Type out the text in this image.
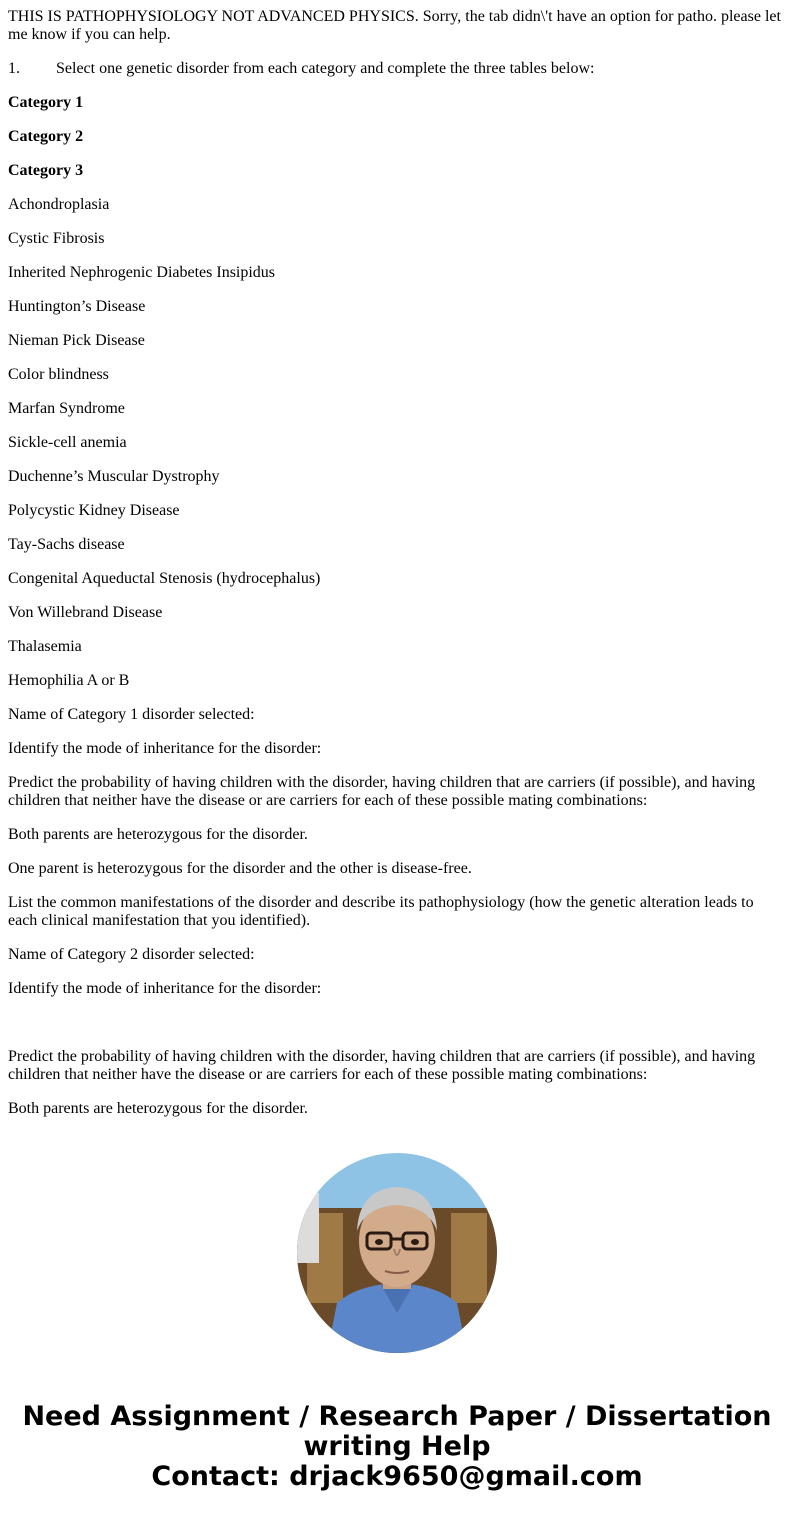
THIS IS PATHOPHYSIOLOGY NOT ADVANCED PHYSICS. Sorry, the tab didn\'t have an option for patho. please let me know if you can help.

1.	Select one genetic disorder from each category and complete the three tables below:

Category 1

Category 2

Category 3

Achondroplasia

Cystic Fibrosis

Inherited Nephrogenic Diabetes Insipidus

Huntington’s Disease

Nieman Pick Disease

Color blindness

Marfan Syndrome

Sickle-cell anemia

Duchenne’s Muscular Dystrophy

Polycystic Kidney Disease

Tay-Sachs disease

Congenital Aqueductal Stenosis (hydrocephalus)

Von Willebrand Disease

Thalasemia

Hemophilia A or B

Name of Category 1 disorder selected:

Identify the mode of inheritance for the disorder:

Predict the probability of having children with the disorder, having children that are carriers (if possible), and having children that neither have the disease or are carriers for each of these possible mating combinations:

Both parents are heterozygous for the disorder.

One parent is heterozygous for the disorder and the other is disease-free.

List the common manifestations of the disorder and describe its pathophysiology (how the genetic alteration leads to each clinical manifestation that you identified).

Name of Category 2 disorder selected:

Identify the mode of inheritance for the disorder:

Predict the probability of having children with the disorder, having children that are carriers (if possible), and having children that neither have the disease or are carriers for each of these possible mating combinations:

Both parents are heterozygous for the disorder.

Need Assignment / Research Paper / Dissertation
writing Help
Contact: drjack9650@gmail.com
